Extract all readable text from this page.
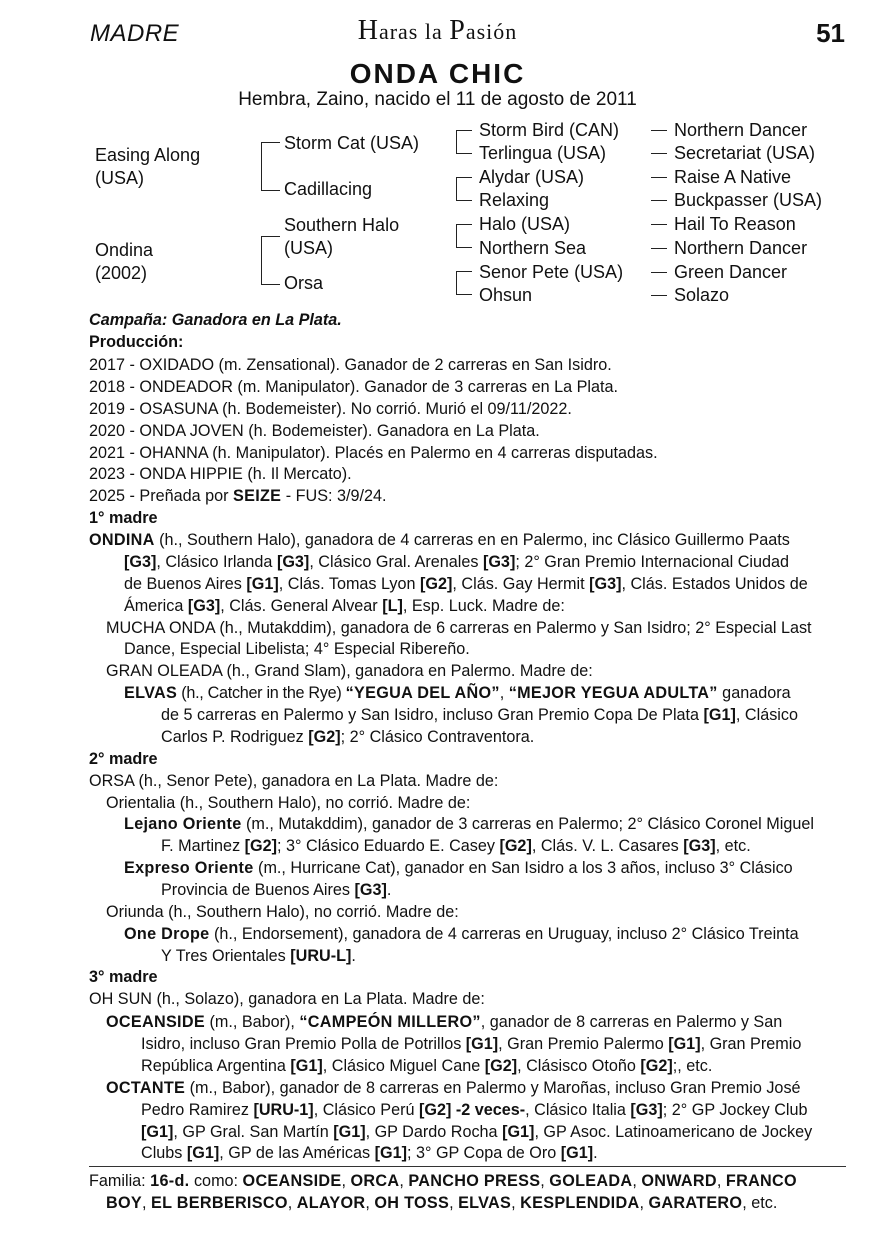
MADRE	Haras la Pasión	51
ONDA CHIC
Hembra, Zaino, nacido el 11 de agosto de 2011
Easing Along
(USA)
Ondina
(2002)
Storm Cat (USA)
Cadillacing
Southern Halo
(USA)
Orsa
Storm Bird (CAN)
Terlingua (USA)
Alydar (USA)
Relaxing
Halo (USA)
Northern Sea
Senor Pete (USA)
Ohsun
Northern Dancer
Secretariat (USA)
Raise A Native
Buckpasser (USA)
Hail To Reason
Northern Dancer
Green Dancer
Solazo
Campaña: Ganadora en La Plata.
Producción:
2017 - OXIDADO (m. Zensational). Ganador de 2 carreras en San Isidro.
2018 - ONDEADOR (m. Manipulator). Ganador de 3 carreras en La Plata.
2019 - OSASUNA (h. Bodemeister). No corrió. Murió el 09/11/2022.
2020 - ONDA JOVEN (h. Bodemeister). Ganadora en La Plata.
2021 - OHANNA (h. Manipulator). Placés en Palermo en 4 carreras disputadas.
2023 - ONDA HIPPIE (h. Il Mercato).
2025 - Preñada por SEIZE - FUS: 3/9/24.
1° madre
ONDINA (h., Southern Halo), ganadora de 4 carreras en en Palermo, inc Clásico Guillermo Paats
[G3], Clásico Irlanda [G3], Clásico Gral. Arenales [G3]; 2° Gran Premio Internacional Ciudad
de Buenos Aires [G1], Clás. Tomas Lyon [G2], Clás. Gay Hermit [G3], Clás. Estados Unidos de
Ámerica [G3], Clás. General Alvear [L], Esp. Luck. Madre de:
MUCHA ONDA (h., Mutakddim), ganadora de 6 carreras en Palermo y San Isidro; 2° Especial Last
Dance, Especial Libelista; 4° Especial Ribereño.
GRAN OLEADA (h., Grand Slam), ganadora en Palermo. Madre de:
ELVAS (h., Catcher in the Rye) “YEGUA DEL AÑO”, “MEJOR YEGUA ADULTA” ganadora
de 5 carreras en Palermo y San Isidro, incluso Gran Premio Copa De Plata [G1], Clásico
Carlos P. Rodriguez [G2]; 2° Clásico Contraventora.
2° madre
ORSA (h., Senor Pete), ganadora en La Plata. Madre de:
Orientalia (h., Southern Halo), no corrió. Madre de:
Lejano Oriente (m., Mutakddim), ganador de 3 carreras en Palermo; 2° Clásico Coronel Miguel
F. Martinez [G2]; 3° Clásico Eduardo E. Casey [G2], Clás. V. L. Casares [G3], etc.
Expreso Oriente (m., Hurricane Cat), ganador en San Isidro a los 3 años, incluso 3° Clásico
Provincia de Buenos Aires [G3].
Oriunda (h., Southern Halo), no corrió. Madre de:
One Drope (h., Endorsement), ganadora de 4 carreras en Uruguay, incluso 2° Clásico Treinta
Y Tres Orientales [URU-L].
3° madre
OH SUN (h., Solazo), ganadora en La Plata. Madre de:
OCEANSIDE (m., Babor), “CAMPEÓN MILLERO”, ganador de 8 carreras en Palermo y San
Isidro, incluso Gran Premio Polla de Potrillos [G1], Gran Premio Palermo [G1], Gran Premio
República Argentina [G1], Clásico Miguel Cane [G2], Clásisco Otoño [G2];, etc.
OCTANTE (m., Babor), ganador de 8 carreras en Palermo y Maroñas, incluso Gran Premio José
Pedro Ramirez [URU-1], Clásico Perú [G2] -2 veces-, Clásico Italia [G3]; 2° GP Jockey Club
[G1], GP Gral. San Martín [G1], GP Dardo Rocha [G1], GP Asoc. Latinoamericano de Jockey
Clubs [G1], GP de las Américas [G1]; 3° GP Copa de Oro [G1].
Familia: 16-d. como: OCEANSIDE, ORCA, PANCHO PRESS, GOLEADA, ONWARD, FRANCO
BOY, EL BERBERISCO, ALAYOR, OH TOSS, ELVAS, KESPLENDIDA, GARATERO, etc.
